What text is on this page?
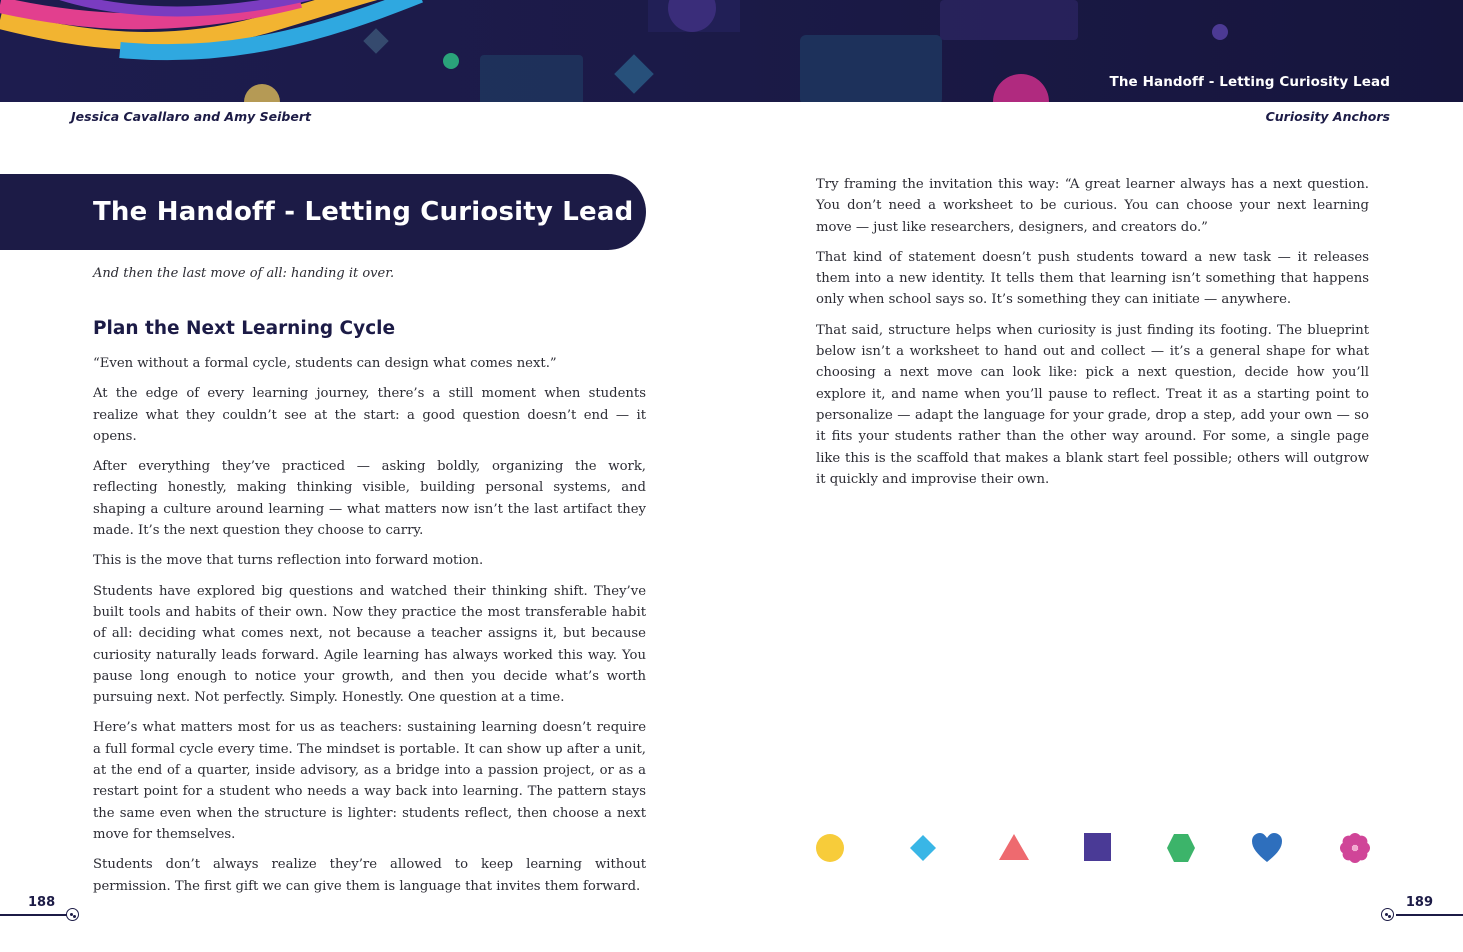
The Handoff - Letting Curiosity Lead
Jessica Cavallaro and Amy Seibert	Curiosity Anchors
The Handoff - Letting Curiosity Lead
And then the last move of all: handing it over.
Plan the Next Learning Cycle

“Even without a formal cycle, students can design what comes next.”

At the edge of every learning journey, there’s a still moment when students realize what they couldn’t see at the start: a good question doesn’t end — it opens.

After everything they’ve practiced — asking boldly, organizing the work, reflecting honestly, making thinking visible, building personal systems, and shaping a culture around learning — what matters now isn’t the last artifact they made. It’s the next question they choose to carry.

This is the move that turns reflection into forward motion.

Students have explored big questions and watched their thinking shift. They’ve built tools and habits of their own. Now they practice the most transferable habit of all: deciding what comes next, not because a teacher assigns it, but because curiosity naturally leads forward. Agile learning has always worked this way. You pause long enough to notice your growth, and then you decide what’s worth pursuing next. Not perfectly. Simply. Honestly. One question at a time.

Here’s what matters most for us as teachers: sustaining learning doesn’t require a full formal cycle every time. The mindset is portable. It can show up after a unit, at the end of a quarter, inside advisory, as a bridge into a passion project, or as a restart point for a student who needs a way back into learning. The pattern stays the same even when the structure is lighter: students reflect, then choose a next move for themselves.

Students don’t always realize they’re allowed to keep learning without permission. The first gift we can give them is language that invites them forward.

Try framing the invitation this way: “A great learner always has a next question. You don’t need a worksheet to be curious. You can choose your next learning move — just like researchers, designers, and creators do.”

That kind of statement doesn’t push students toward a new task — it releases them into a new identity. It tells them that learning isn’t something that happens only when school says so. It’s something they can initiate — anywhere.

That said, structure helps when curiosity is just finding its footing. The blueprint below isn’t a worksheet to hand out and collect — it’s a general shape for what choosing a next move can look like: pick a next question, decide how you’ll explore it, and name when you’ll pause to reflect. Treat it as a starting point to personalize — adapt the language for your grade, drop a step, add your own — so it fits your students rather than the other way around. For some, a single page like this is the scaffold that makes a blank start feel possible; others will outgrow it quickly and improvise their own.

188	189
